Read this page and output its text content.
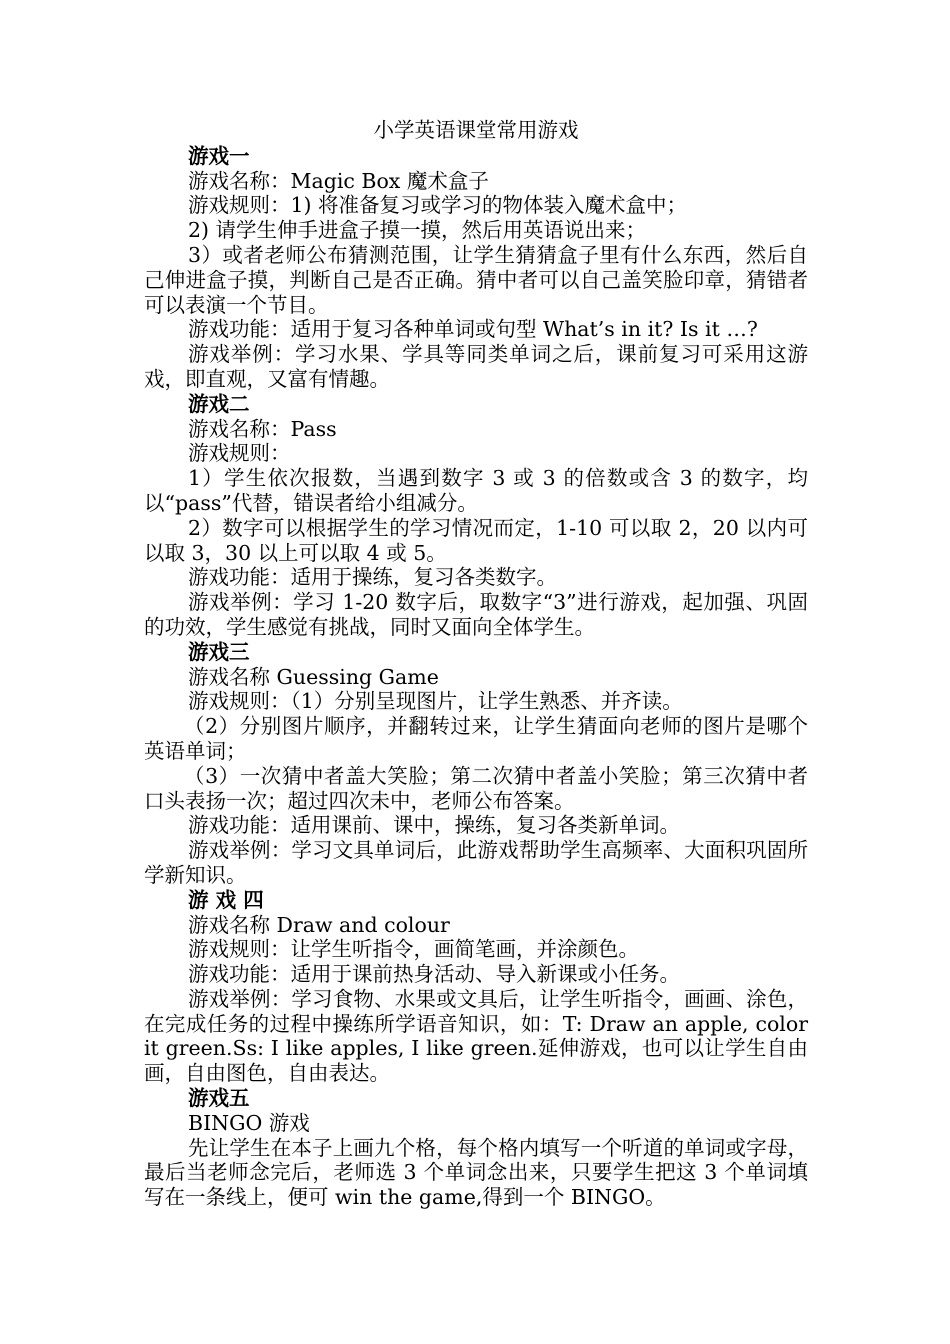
小学英语课堂常用游戏

游戏一

游戏名称：Magic Box 魔术盒子

游戏规则：1) 将准备复习或学习的物体装入魔术盒中；

2) 请学生伸手进盒子摸一摸，然后用英语说出来；

3）或者老师公布猜测范围，让学生猜猜盒子里有什么东西，然后自己伸进盒子摸，判断自己是否正确。猜中者可以自己盖笑脸印章，猜错者可以表演一个节目。

游戏功能：适用于复习各种单词或句型 What’s in it? Is it …?

游戏举例：学习水果、学具等同类单词之后，课前复习可采用这游戏，即直观，又富有情趣。

游戏二

游戏名称：Pass

游戏规则：

1）学生依次报数，当遇到数字 3 或 3 的倍数或含 3 的数字，均以“pass”代替，错误者给小组减分。

2）数字可以根据学生的学习情况而定，1-10 可以取 2，20 以内可以取 3，30 以上可以取 4 或 5。

游戏功能：适用于操练，复习各类数字。

游戏举例：学习 1-20 数字后，取数字“3”进行游戏，起加强、巩固的功效，学生感觉有挑战，同时又面向全体学生。

游戏三

游戏名称 Guessing Game

游戏规则：（1）分别呈现图片，让学生熟悉、并齐读。

（2）分别图片顺序，并翻转过来，让学生猜面向老师的图片是哪个英语单词；

（3）一次猜中者盖大笑脸；第二次猜中者盖小笑脸；第三次猜中者口头表扬一次；超过四次未中，老师公布答案。

游戏功能：适用课前、课中，操练，复习各类新单词。

游戏举例：学习文具单词后，此游戏帮助学生高频率、大面积巩固所学新知识。

游 戏 四

游戏名称 Draw and colour

游戏规则：让学生听指令，画简笔画，并涂颜色。

游戏功能：适用于课前热身活动、导入新课或小任务。

游戏举例：学习食物、水果或文具后，让学生听指令，画画、涂色，在完成任务的过程中操练所学语音知识，如：T: Draw an apple, color it green.Ss: I like apples, I like green.延伸游戏，也可以让学生自由画，自由图色，自由表达。

游戏五

BINGO 游戏

先让学生在本子上画九个格，每个格内填写一个听道的单词或字母，最后当老师念完后，老师选 3 个单词念出来，只要学生把这 3 个单词填写在一条线上，便可 win the game,得到一个 BINGO。
